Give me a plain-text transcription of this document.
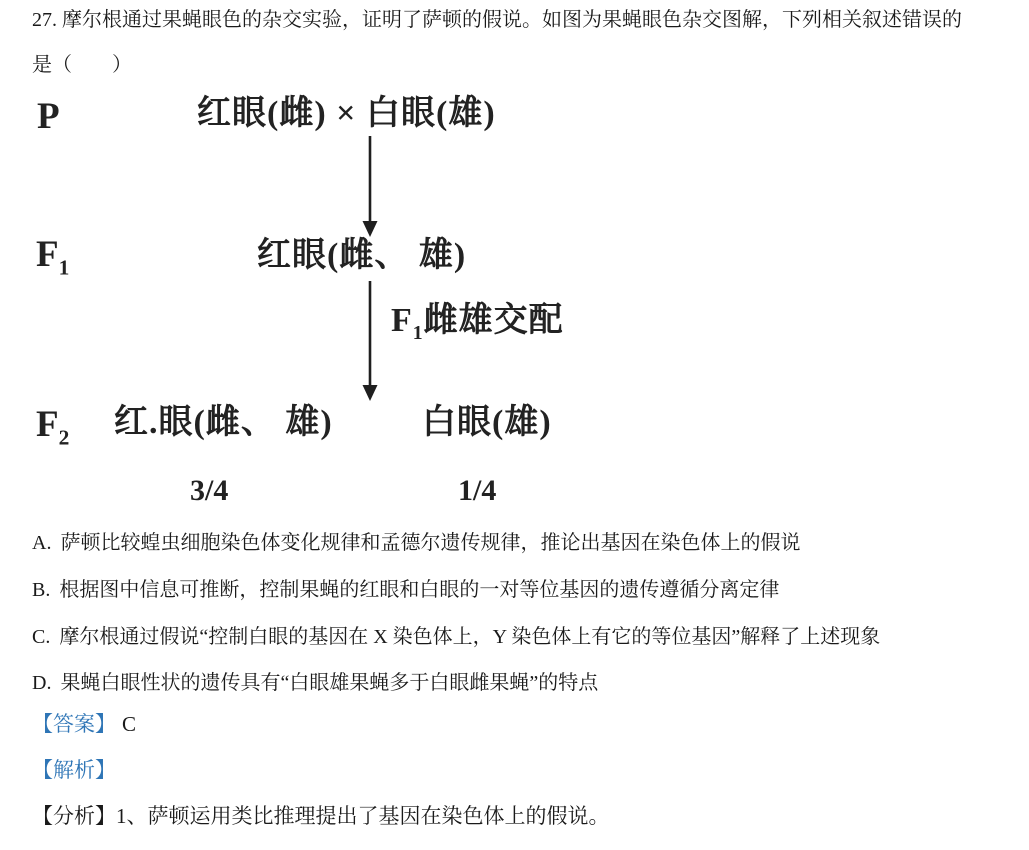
27. 摩尔根通过果蝇眼色的杂交实验，证明了萨顿的假说。如图为果蝇眼色杂交图解，下列相关叙述错误的
是（　　）
P	红眼(雌) × 白眼(雄)
$F_1$	红眼(雌、 雄)
$F_1$雌雄交配
$F_2$ 红.眼(雌、 雄)	白眼(雄)
3/4	1/4
A. 萨顿比较蝗虫细胞染色体变化规律和孟德尔遗传规律，推论出基因在染色体上的假说
B. 根据图中信息可推断，控制果蝇的红眼和白眼的一对等位基因的遗传遵循分离定律
C. 摩尔根通过假说“控制白眼的基因在 X 染色体上，Y 染色体上有它的等位基因”解释了上述现象
D. 果蝇白眼性状的遗传具有“白眼雄果蝇多于白眼雌果蝇”的特点
【答案】 C
【解析】
【分析】1、萨顿运用类比推理提出了基因在染色体上的假说。
